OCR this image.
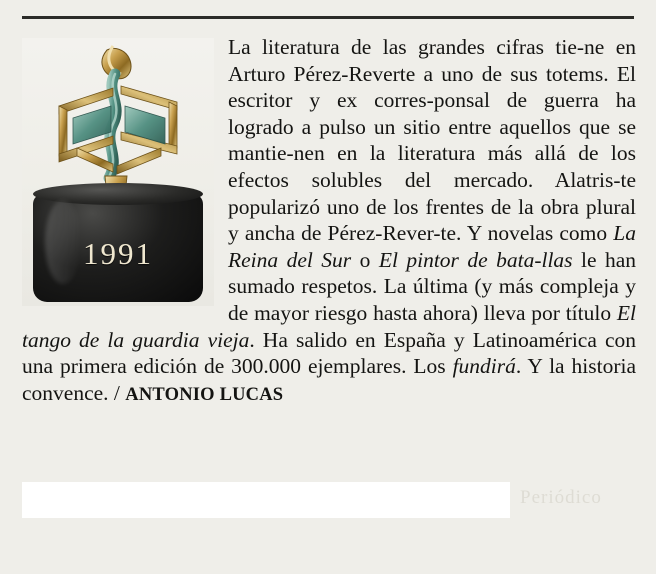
1991

La literatura de las grandes cifras tie-ne en Arturo Pérez-Reverte a uno de sus totems. El escritor y ex corres-ponsal de guerra ha logrado a pulso un sitio entre aquellos que se mantie-nen en la literatura más allá de los efectos solubles del mercado. Alatris-te popularizó uno de los frentes de la obra plural y ancha de Pérez-Rever-te. Y novelas como La Reina del Sur o El pintor de bata-llas le han sumado respetos. La última (y más compleja y de mayor riesgo hasta ahora) lleva por título El tango de la guardia vieja. Ha salido en España y Latinoamérica con una primera edición de 300.000 ejemplares. Los fundirá. Y la historia convence. / ANTONIO LUCAS

Periódico
